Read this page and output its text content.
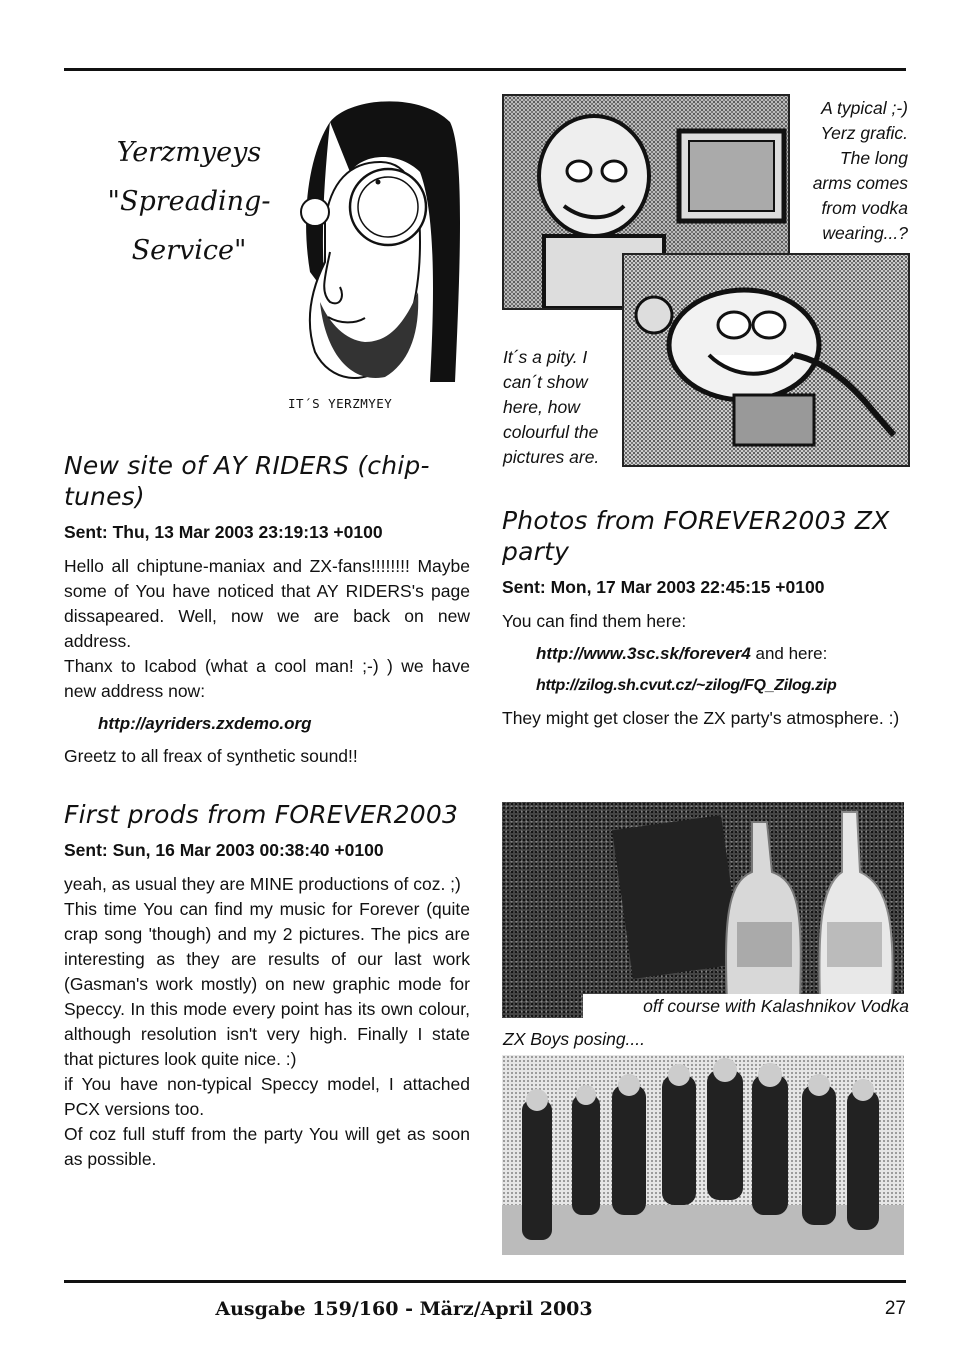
Yerzmyeys
"Spreading-
Service"
IT´S YERZMYEY
A typical ;-)
Yerz grafic.
The long
arms comes
from vodka
wearing...?
It´s a pity. I
can´t show
here, how
colourful the
pictures are.
New site of AY RIDERS (chip-tunes)
Sent: Thu, 13 Mar 2003 23:19:13 +0100

Hello all chiptune-maniax and ZX-fans!!!!!!!! Maybe some of You have noticed that AY RIDERS's page dissapeared. Well, now we are back on new address.

Thanx to Icabod (what a cool man! ;-) ) we have new address now:

http://ayriders.zxdemo.org

Greetz to all freax of synthetic sound!!

First prods from FOREVER2003
Sent: Sun, 16 Mar 2003 00:38:40 +0100

yeah, as usual they are MINE productions of coz. ;)

This time You can find my music for Forever (quite crap song 'though) and my 2 pictures. The pics are interesting as they are results of our last work (Gasman's work mostly) on new graphic mode for Speccy. In this mode every point has its own colour, although resolution isn't very high. Finally I state that pictures look quite nice. :)

if You have non-typical Speccy model, I attached PCX versions too.

Of coz full stuff from the party You will get as soon as possible.

Photos from FOREVER2003 ZX party
Sent: Mon, 17 Mar 2003 22:45:15 +0100

You can find them here:

http://www.3sc.sk/forever4 and here:
http://zilog.sh.cvut.cz/~zilog/FQ_Zilog.zip

They might get closer the ZX party's atmosphere. :)

off course with Kalashnikov Vodka
ZX Boys posing....
Ausgabe 159/160 - März/April 2003	27
